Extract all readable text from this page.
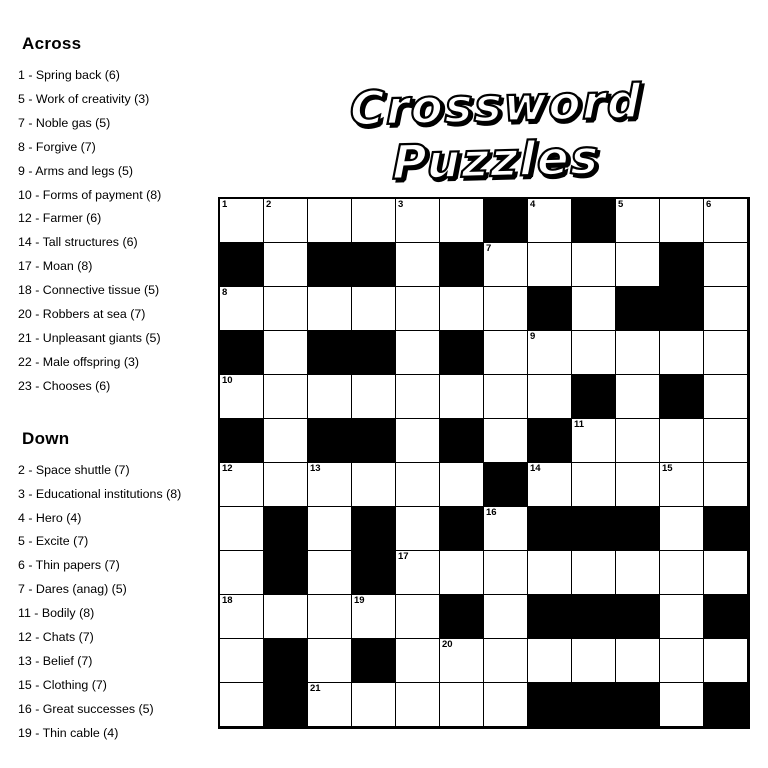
Across
1 - Spring back (6)
5 - Work of creativity (3)
7 - Noble gas (5)
8 - Forgive (7)
9 - Arms and legs (5)
10 - Forms of payment (8)
12 - Farmer (6)
14 - Tall structures (6)
17 - Moan (8)
18 - Connective tissue (5)
20 - Robbers at sea (7)
21 - Unpleasant giants (5)
22 - Male offspring (3)
23 - Chooses (6)
Down
2 - Space shuttle (7)
3 - Educational institutions (8)
4 - Hero (4)
5 - Excite (7)
6 - Thin papers (7)
7 - Dares (anag) (5)
11 - Bodily (8)
12 - Chats (7)
13 - Belief (7)
15 - Clothing (7)
16 - Great successes (5)
19 - Thin cable (4)
Crossword Puzzles
1	2	3	4	5	6
7
8
9
10
11
12	13	14	15
16
17
18	19
20
21
